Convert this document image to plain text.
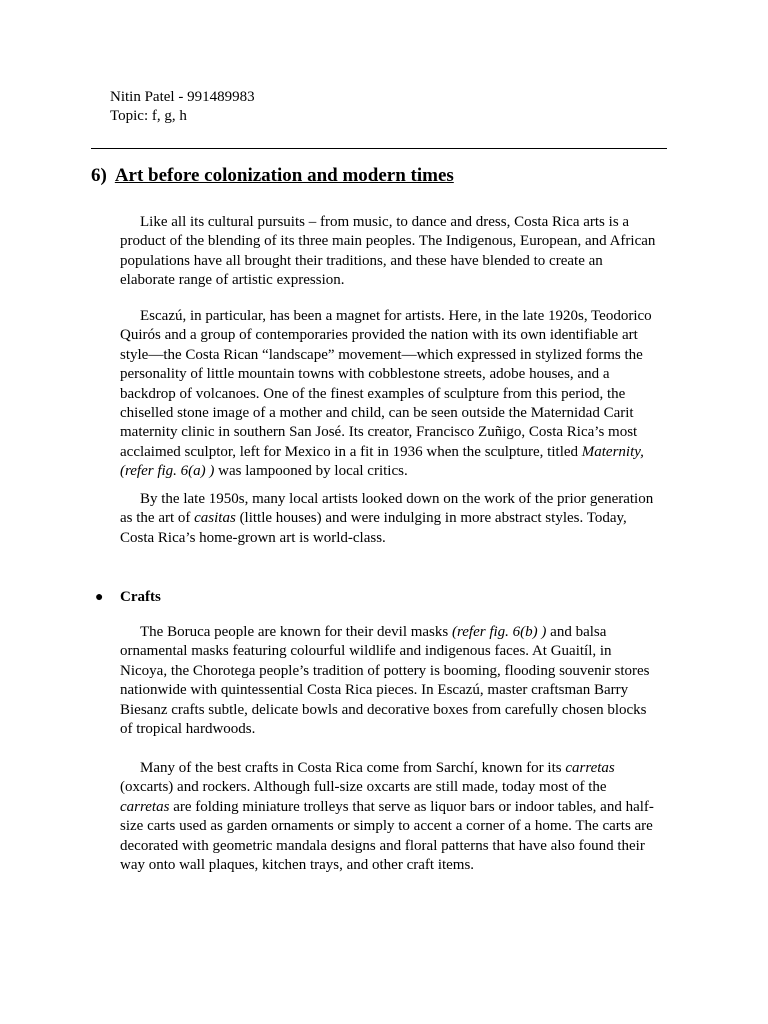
Nitin Patel - 991489983
Topic: f, g, h
6) Art before colonization and modern times

Like all its cultural pursuits – from music, to dance and dress, Costa Rica arts is a
product of the blending of its three main peoples. The Indigenous, European, and African
populations have all brought their traditions, and these have blended to create an
elaborate range of artistic expression.

Escazú, in particular, has been a magnet for artists. Here, in the late 1920s, Teodorico
Quirós and a group of contemporaries provided the nation with its own identifiable art
style—the Costa Rican “landscape” movement—which expressed in stylized forms the
personality of little mountain towns with cobblestone streets, adobe houses, and a
backdrop of volcanoes. One of the finest examples of sculpture from this period, the
chiselled stone image of a mother and child, can be seen outside the Maternidad Carit
maternity clinic in southern San José. Its creator, Francisco Zuñigo, Costa Rica’s most
acclaimed sculptor, left for Mexico in a fit in 1936 when the sculpture, titled Maternity,
(refer fig. 6(a) ) was lampooned by local critics.

By the late 1950s, many local artists looked down on the work of the prior generation
as the art of casitas (little houses) and were indulging in more abstract styles. Today,
Costa Rica’s home-grown art is world-class.

● Crafts

The Boruca people are known for their devil masks (refer fig. 6(b) ) and balsa
ornamental masks featuring colourful wildlife and indigenous faces. At Guaitíl, in
Nicoya, the Chorotega people’s tradition of pottery is booming, flooding souvenir stores
nationwide with quintessential Costa Rica pieces. In Escazú, master craftsman Barry
Biesanz crafts subtle, delicate bowls and decorative boxes from carefully chosen blocks
of tropical hardwoods.

Many of the best crafts in Costa Rica come from Sarchí, known for its carretas
(oxcarts) and rockers. Although full-size oxcarts are still made, today most of the
carretas are folding miniature trolleys that serve as liquor bars or indoor tables, and half-
size carts used as garden ornaments or simply to accent a corner of a home. The carts are
decorated with geometric mandala designs and floral patterns that have also found their
way onto wall plaques, kitchen trays, and other craft items.
